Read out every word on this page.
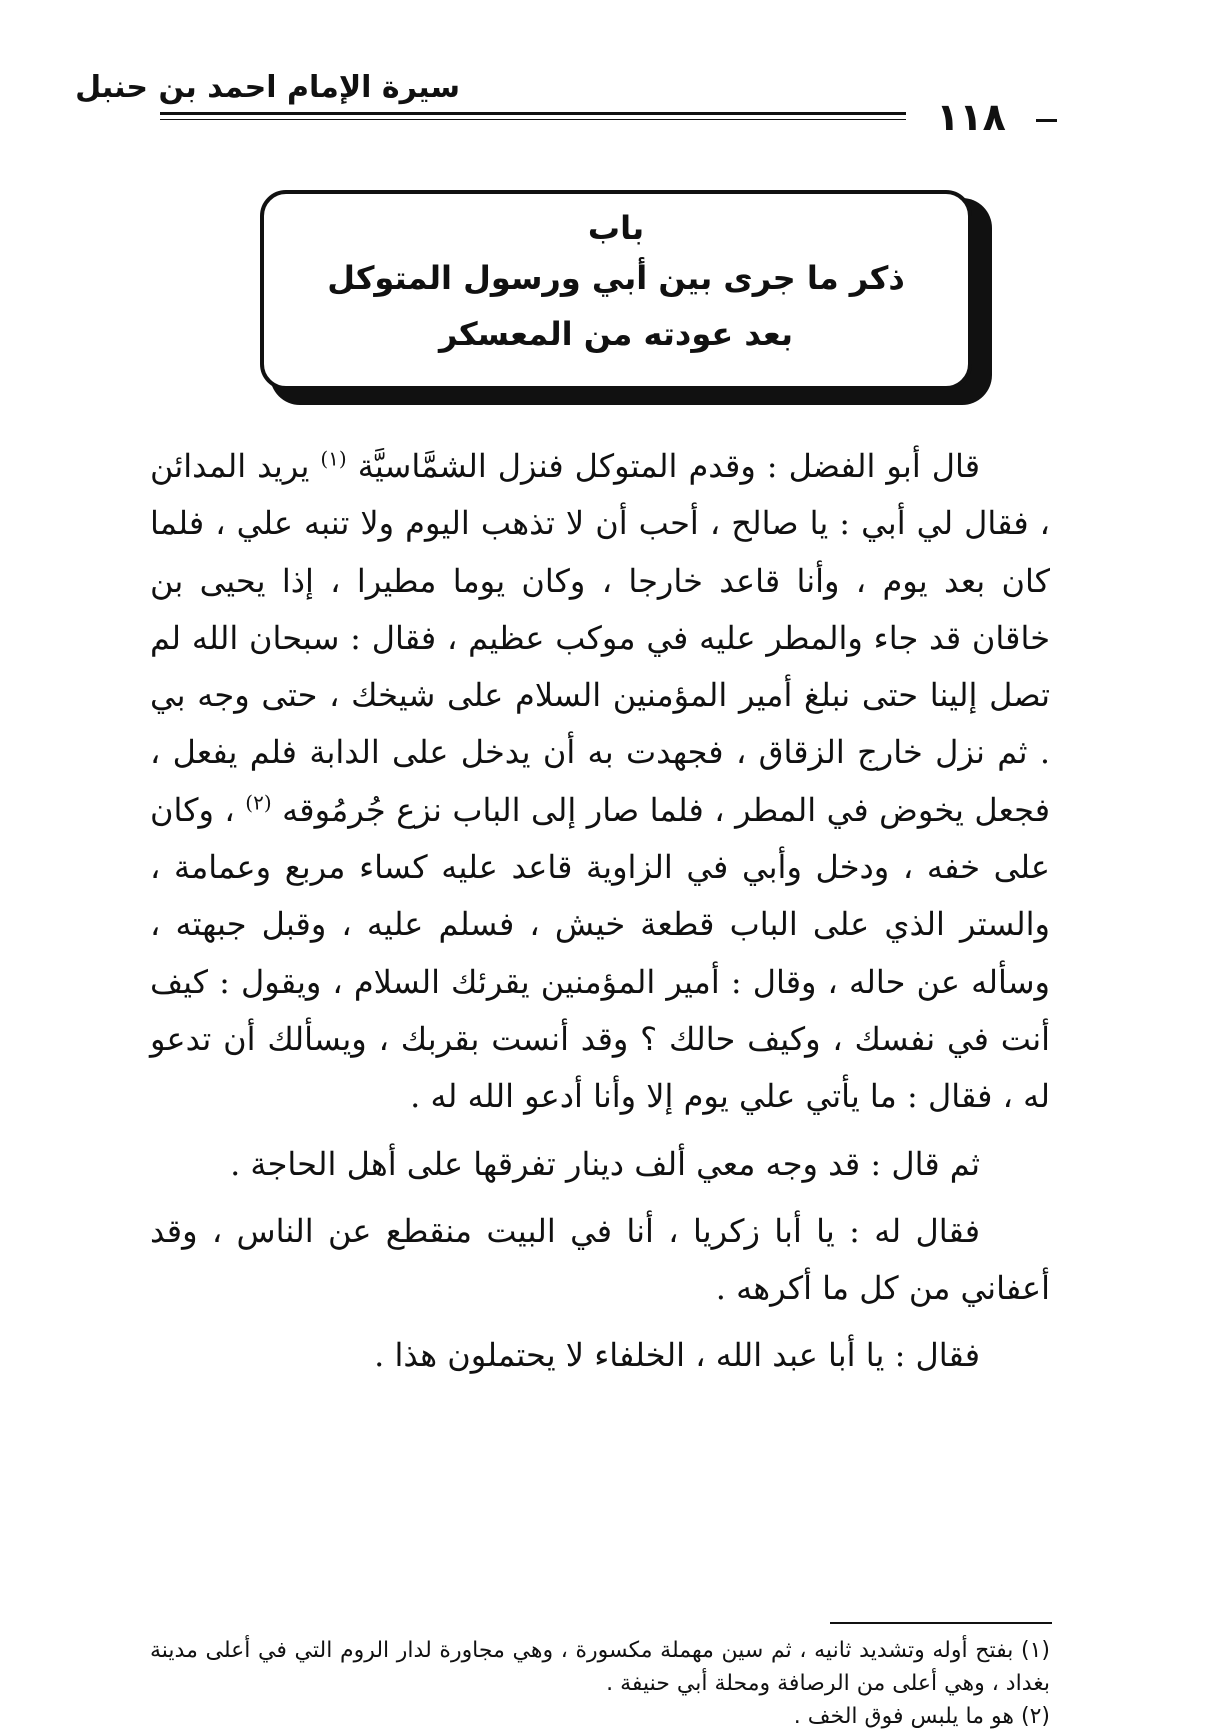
سيرة الإمام احمد بن حنبل
١١٨
باب
ذكر ما جرى بين أبي ورسول المتوكل
بعد عودته من المعسكر

قال أبو الفضل : وقدم المتوكل فنزل الشمَّاسيَّة $^{(١)}$ يريد المدائن ، فقال لي أبي : يا صالح ، أحب أن لا تذهب اليوم ولا تنبه علي ، فلما كان بعد يوم ، وأنا قاعد خارجا ، وكان يوما مطيرا ، إذا يحيى بن خاقان قد جاء والمطر عليه في موكب عظيم ، فقال : سبحان الله لم تصل إلينا حتى نبلغ أمير المؤمنين السلام على شيخك ، حتى وجه بي . ثم نزل خارج الزقاق ، فجهدت به أن يدخل على الدابة فلم يفعل ، فجعل يخوض في المطر ، فلما صار إلى الباب نزع جُرمُوقه $^{(٢)}$ ، وكان على خفه ، ودخل وأبي في الزاوية قاعد عليه كساء مربع وعمامة ، والستر الذي على الباب قطعة خيش ، فسلم عليه ، وقبل جبهته ، وسأله عن حاله ، وقال : أمير المؤمنين يقرئك السلام ، ويقول : كيف أنت في نفسك ، وكيف حالك ؟ وقد أنست بقربك ، ويسألك أن تدعو له ، فقال : ما يأتي علي يوم إلا وأنا أدعو الله له .

ثم قال : قد وجه معي ألف دينار تفرقها على أهل الحاجة .

فقال له : يا أبا زكريا ، أنا في البيت منقطع عن الناس ، وقد أعفاني من كل ما أكرهه .

فقال : يا أبا عبد الله ، الخلفاء لا يحتملون هذا .

(١) بفتح أوله وتشديد ثانيه ، ثم سين مهملة مكسورة ، وهي مجاورة لدار الروم التي في أعلى مدينة بغداد ، وهي أعلى من الرصافة ومحلة أبي حنيفة .

(٢) هو ما يلبس فوق الخف .
